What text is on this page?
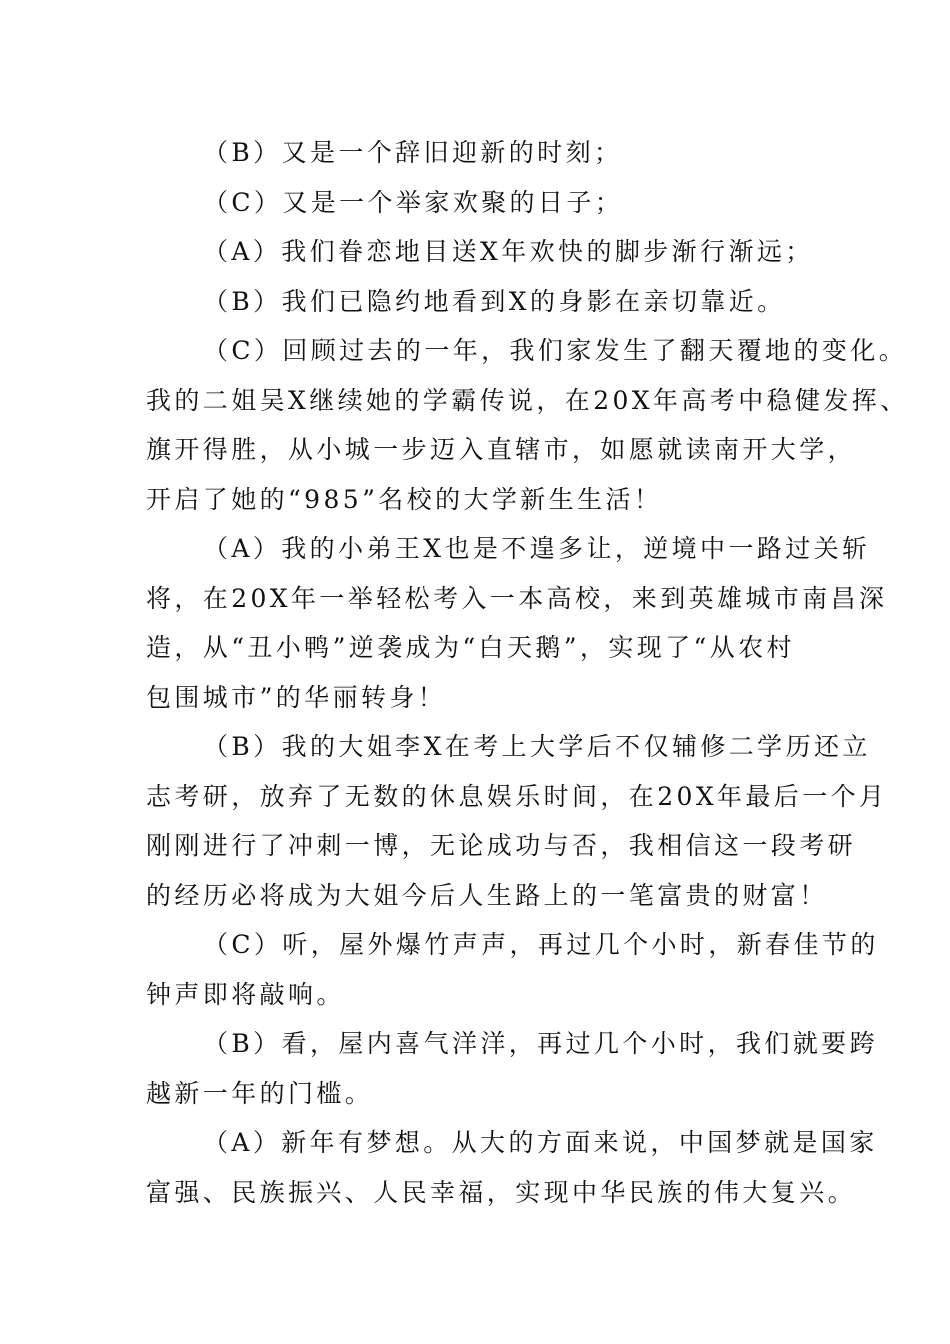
（B）又是一个辞旧迎新的时刻；
（C）又是一个举家欢聚的日子；
（A）我们眷恋地目送X年欢快的脚步渐行渐远；
（B）我们已隐约地看到X的身影在亲切靠近。
（C）回顾过去的一年，我们家发生了翻天覆地的变化。
我的二姐吴X继续她的学霸传说，在20X年高考中稳健发挥、
旗开得胜，从小城一步迈入直辖市，如愿就读南开大学，
开启了她的“985”名校的大学新生生活！
（A）我的小弟王X也是不遑多让，逆境中一路过关斩
将，在20X年一举轻松考入一本高校，来到英雄城市南昌深
造，从“丑小鸭”逆袭成为“白天鹅”，实现了“从农村
包围城市”的华丽转身！
（B）我的大姐李X在考上大学后不仅辅修二学历还立
志考研，放弃了无数的休息娱乐时间，在20X年最后一个月
刚刚进行了冲刺一博，无论成功与否，我相信这一段考研
的经历必将成为大姐今后人生路上的一笔富贵的财富！
（C）听，屋外爆竹声声，再过几个小时，新春佳节的
钟声即将敲响。
（B）看，屋内喜气洋洋，再过几个小时，我们就要跨
越新一年的门槛。
（A）新年有梦想。从大的方面来说，中国梦就是国家
富强、民族振兴、人民幸福，实现中华民族的伟大复兴。
